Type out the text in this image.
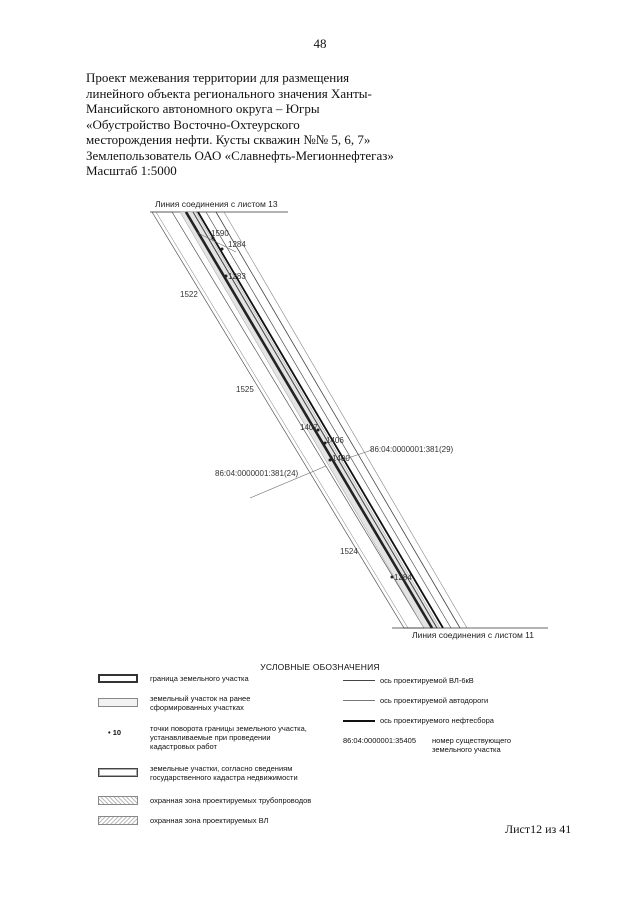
48
Проект межевания территории для размещения
линейного объекта регионального значения Ханты-
Мансийского автономного округа – Югры
«Обустройство Восточно-Охтеурского
месторождения нефти. Кусты скважин №№ 5, 6, 7»
Землепользователь ОАО «Славнефть-Мегионнефтегаз»
Масштаб 1:5000
Линия соединения с листом 13
1590
1284
1283
1522
1525
1407
1406
1400
1524
1284
86:04:0000001:381(29)
86:04:0000001:381(24)
Линия соединения с листом 11
УСЛОВНЫЕ ОБОЗНАЧЕНИЯ
граница земельного участка
земельный участок на ранее сформированных участках
• 10	точки поворота границы земельного участка, устанавливаемые при проведении кадастровых работ
земельные участки, согласно сведениям государственного кадастра недвижимости
охранная зона проектируемых трубопроводов
охранная зона проектируемых ВЛ
ось проектируемой ВЛ-6кВ
ось проектируемой автодороги
ось проектируемого нефтесбора
86:04:0000001:35405 номер существующего земельного участка
Лист12 из 41
